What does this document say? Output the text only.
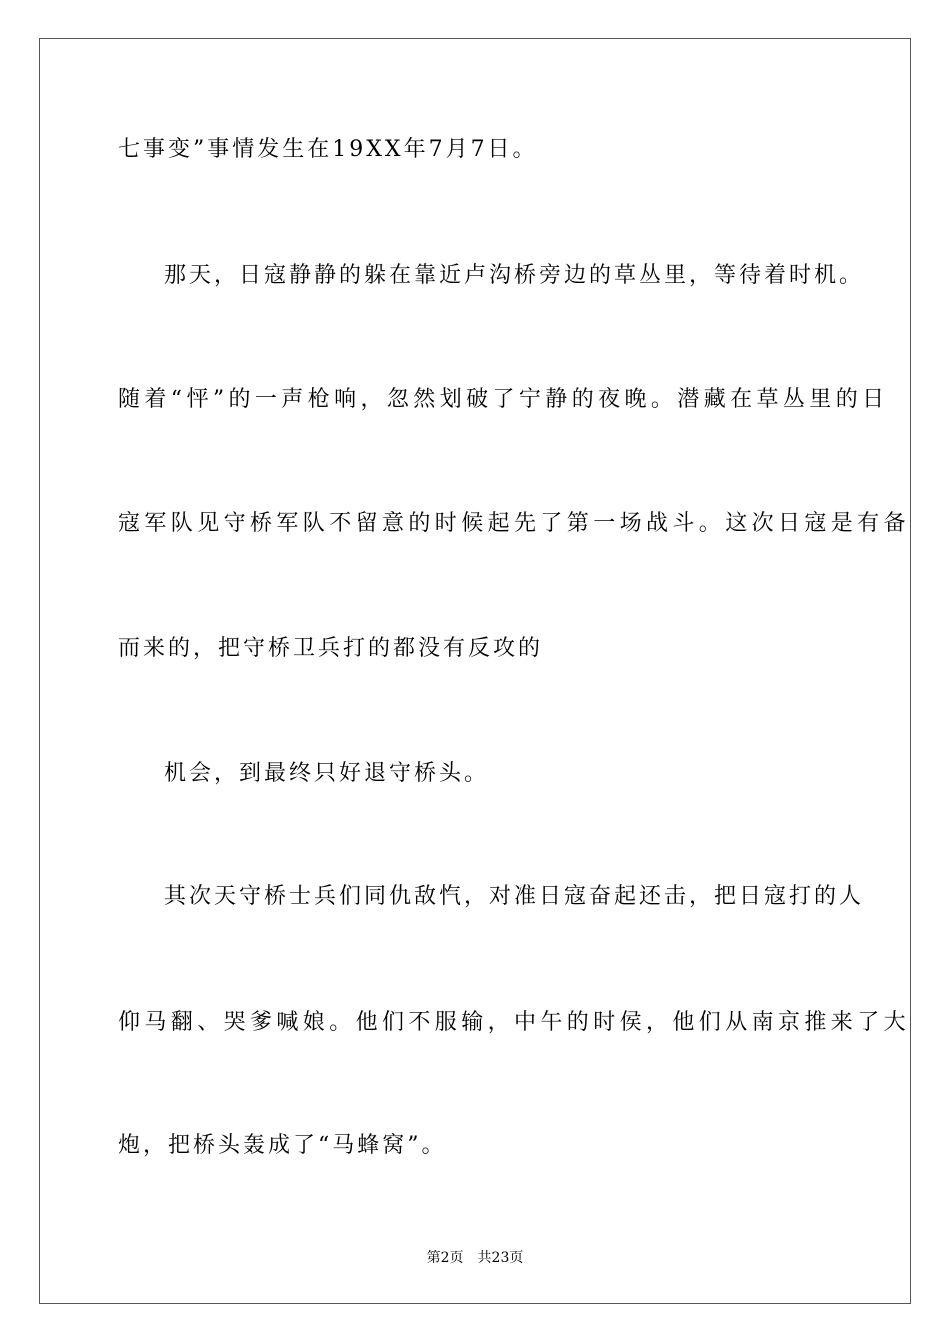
七事变”事情发生在19XX年7月7日。
那天，日寇静静的躲在靠近卢沟桥旁边的草丛里，等待着时机。
随着“怦”的一声枪响，忽然划破了宁静的夜晚。潜藏在草丛里的日
寇军队见守桥军队不留意的时候起先了第一场战斗。这次日寇是有备
而来的，把守桥卫兵打的都没有反攻的
机会，到最终只好退守桥头。
其次天守桥士兵们同仇敌忾，对准日寇奋起还击，把日寇打的人
仰马翻、哭爹喊娘。他们不服输，中午的时侯，他们从南京推来了大
炮，把桥头轰成了“马蜂窝”。
第2页 共23页
